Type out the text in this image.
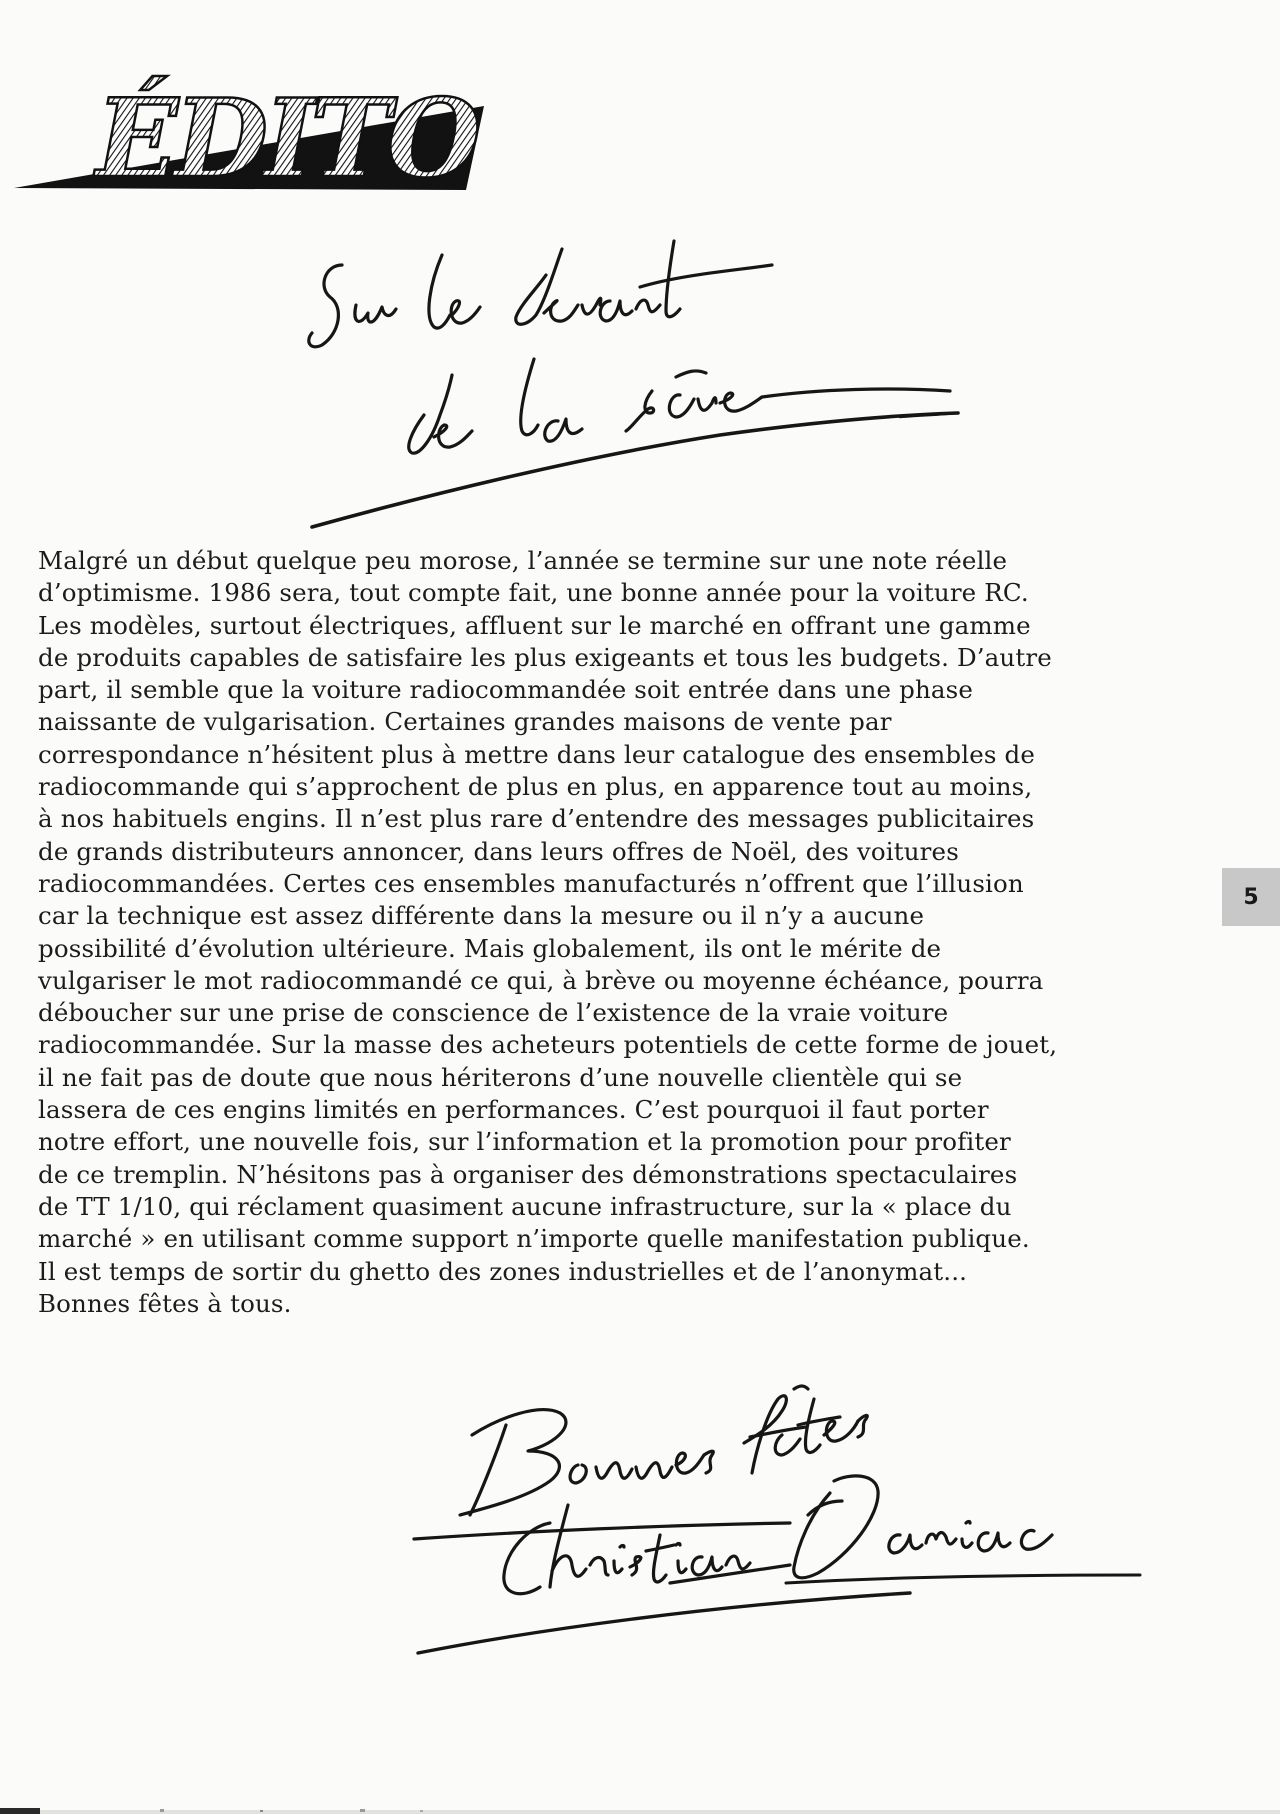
ÉDITO

Malgré un début quelque peu morose, l’année se termine sur une note réelle
d’optimisme. 1986 sera, tout compte fait, une bonne année pour la voiture RC.
Les modèles, surtout électriques, affluent sur le marché en offrant une gamme
de produits capables de satisfaire les plus exigeants et tous les budgets. D’autre
part, il semble que la voiture radiocommandée soit entrée dans une phase
naissante de vulgarisation. Certaines grandes maisons de vente par
correspondance n’hésitent plus à mettre dans leur catalogue des ensembles de
radiocommande qui s’approchent de plus en plus, en apparence tout au moins,
à nos habituels engins. Il n’est plus rare d’entendre des messages publicitaires
de grands distributeurs annoncer, dans leurs offres de Noël, des voitures
radiocommandées. Certes ces ensembles manufacturés n’offrent que l’illusion
car la technique est assez différente dans la mesure ou il n’y a aucune
possibilité d’évolution ultérieure. Mais globalement, ils ont le mérite de
vulgariser le mot radiocommandé ce qui, à brève ou moyenne échéance, pourra
déboucher sur une prise de conscience de l’existence de la vraie voiture
radiocommandée. Sur la masse des acheteurs potentiels de cette forme de jouet,
il ne fait pas de doute que nous hériterons d’une nouvelle clientèle qui se
lassera de ces engins limités en performances. C’est pourquoi il faut porter
notre effort, une nouvelle fois, sur l’information et la promotion pour profiter
de ce tremplin. N’hésitons pas à organiser des démonstrations spectaculaires
de TT 1/10, qui réclament quasiment aucune infrastructure, sur la « place du
marché » en utilisant comme support n’importe quelle manifestation publique.
Il est temps de sortir du ghetto des zones industrielles et de l’anonymat...
Bonnes fêtes à tous.

5
